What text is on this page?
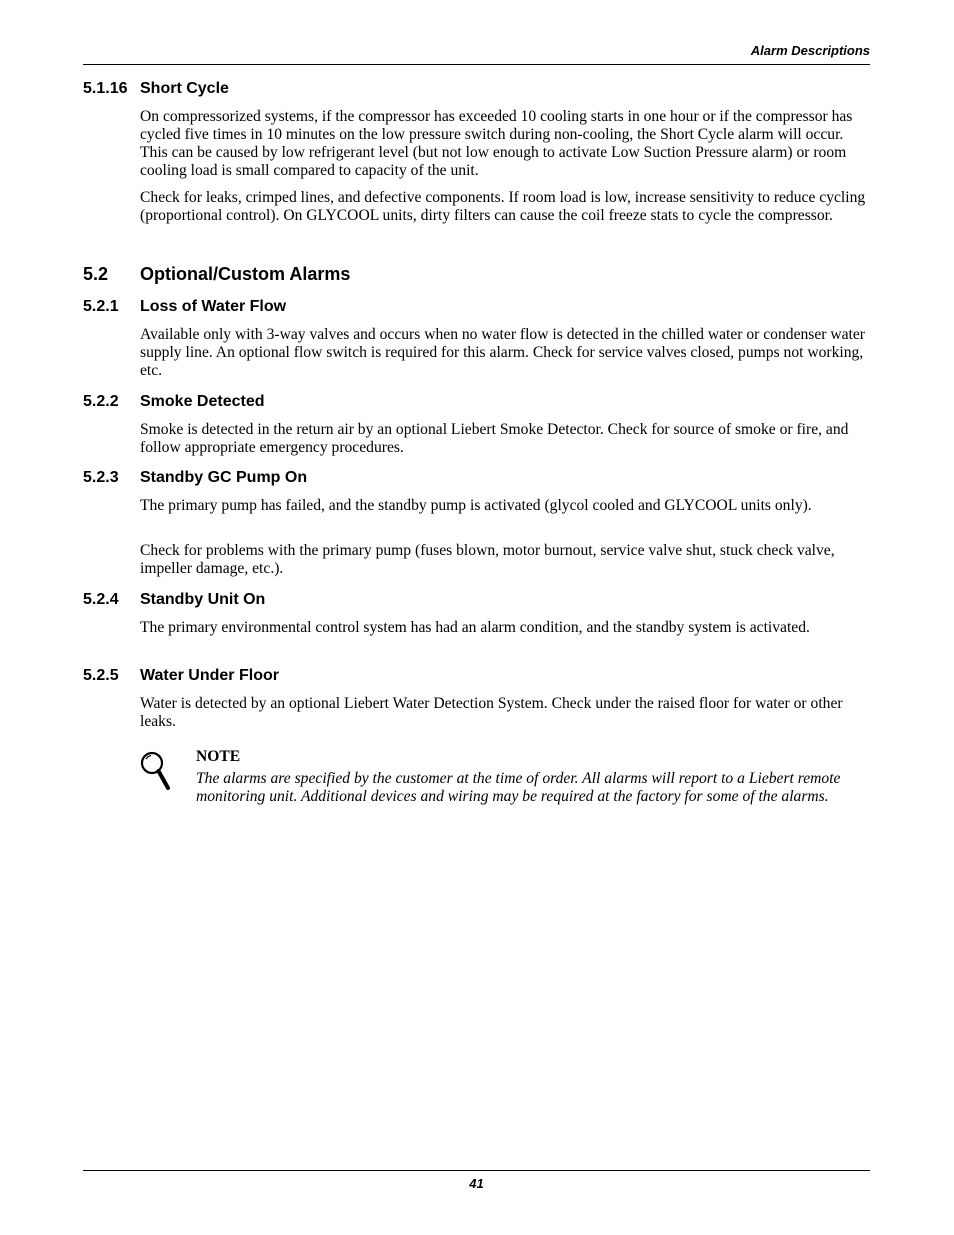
Alarm Descriptions
5.1.16 Short Cycle
On compressorized systems, if the compressor has exceeded 10 cooling starts in one hour or if the compressor has cycled five times in 10 minutes on the low pressure switch during non-cooling, the Short Cycle alarm will occur. This can be caused by low refrigerant level (but not low enough to activate Low Suction Pressure alarm) or room cooling load is small compared to capacity of the unit.
Check for leaks, crimped lines, and defective components. If room load is low, increase sensitivity to reduce cycling (proportional control). On GLYCOOL units, dirty filters can cause the coil freeze stats to cycle the compressor.
5.2 Optional/Custom Alarms
5.2.1 Loss of Water Flow
Available only with 3-way valves and occurs when no water flow is detected in the chilled water or condenser water supply line. An optional flow switch is required for this alarm. Check for service valves closed, pumps not working, etc.
5.2.2 Smoke Detected
Smoke is detected in the return air by an optional Liebert Smoke Detector. Check for source of smoke or fire, and follow appropriate emergency procedures.
5.2.3 Standby GC Pump On
The primary pump has failed, and the standby pump is activated (glycol cooled and GLYCOOL units only).
Check for problems with the primary pump (fuses blown, motor burnout, service valve shut, stuck check valve, impeller damage, etc.).
5.2.4 Standby Unit On
The primary environmental control system has had an alarm condition, and the standby system is activated.
5.2.5 Water Under Floor
Water is detected by an optional Liebert Water Detection System. Check under the raised floor for water or other leaks.
NOTE
The alarms are specified by the customer at the time of order. All alarms will report to a Liebert remote monitoring unit. Additional devices and wiring may be required at the factory for some of the alarms.
41
